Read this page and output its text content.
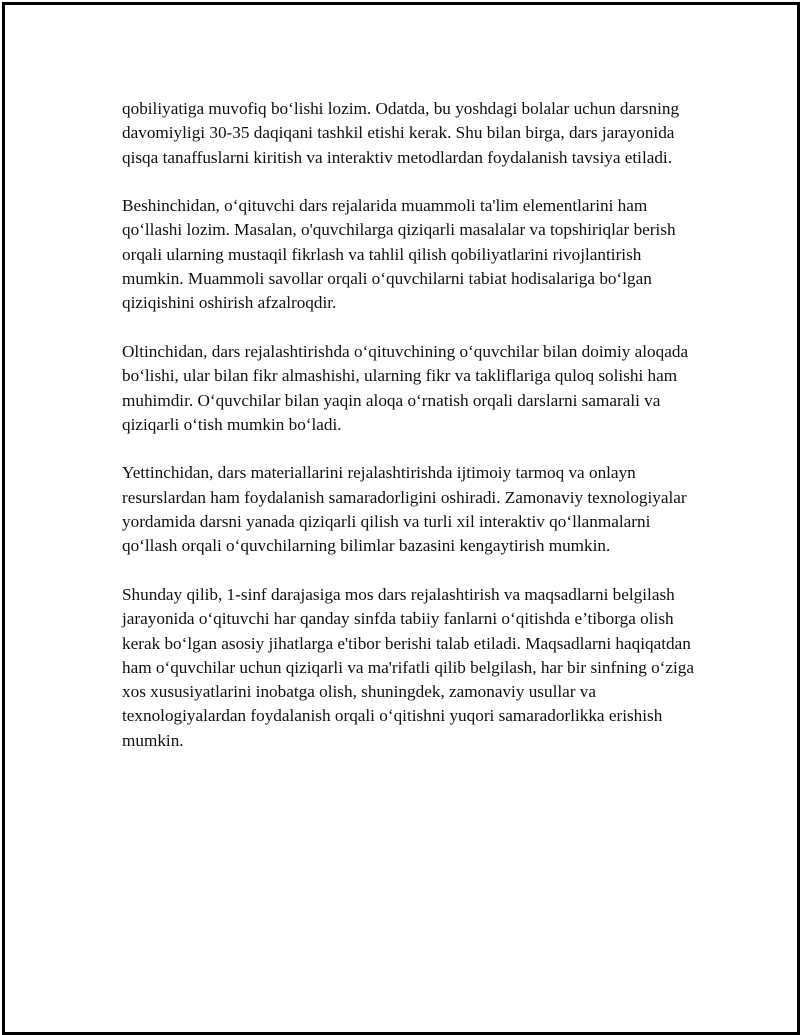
qobiliyatiga muvofiq bo‘lishi lozim. Odatda, bu yoshdagi bolalar uchun darsning davomiyligi 30-35 daqiqani tashkil etishi kerak. Shu bilan birga, dars jarayonida qisqa tanaffuslarni kiritish va interaktiv metodlardan foydalanish tavsiya etiladi.

Beshinchidan, o‘qituvchi dars rejalarida muammoli ta'lim elementlarini ham qo‘llashi lozim. Masalan, o'quvchilarga qiziqarli masalalar va topshiriqlar berish orqali ularning mustaqil fikrlash va tahlil qilish qobiliyatlarini rivojlantirish mumkin. Muammoli savollar orqali o‘quvchilarni tabiat hodisalariga bo‘lgan qiziqishini oshirish afzalroqdir.

Oltinchidan, dars rejalashtirishda o‘qituvchining o‘quvchilar bilan doimiy aloqada bo‘lishi, ular bilan fikr almashishi, ularning fikr va takliflariga quloq solishi ham muhimdir. O‘quvchilar bilan yaqin aloqa o‘rnatish orqali darslarni samarali va qiziqarli o‘tish mumkin bo‘ladi.

Yettinchidan, dars materiallarini rejalashtirishda ijtimoiy tarmoq va onlayn resurslardan ham foydalanish samaradorligini oshiradi. Zamonaviy texnologiyalar yordamida darsni yanada qiziqarli qilish va turli xil interaktiv qo‘llanmalarni qo‘llash orqali o‘quvchilarning bilimlar bazasini kengaytirish mumkin.

Shunday qilib, 1-sinf darajasiga mos dars rejalashtirish va maqsadlarni belgilash jarayonida o‘qituvchi har qanday sinfda tabiiy fanlarni o‘qitishda e’tiborga olish kerak bo‘lgan asosiy jihatlarga e'tibor berishi talab etiladi. Maqsadlarni haqiqatdan ham o‘quvchilar uchun qiziqarli va ma'rifatli qilib belgilash, har bir sinfning o‘ziga xos xususiyatlarini inobatga olish, shuningdek, zamonaviy usullar va texnologiyalardan foydalanish orqali o‘qitishni yuqori samaradorlikka erishish mumkin.
